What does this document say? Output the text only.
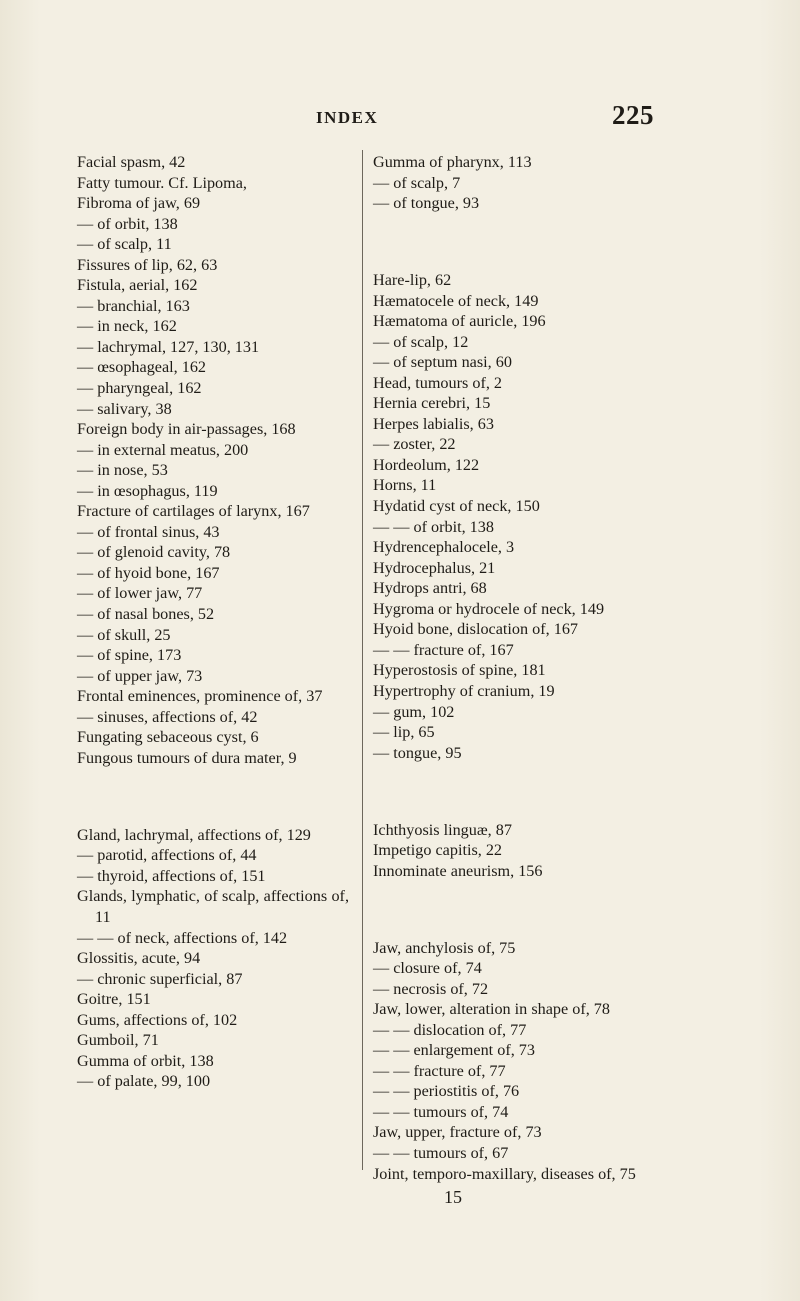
INDEX	225

Facial spasm, 42

Fatty tumour. Cf. Lipoma,

Fibroma of jaw, 69

— of orbit, 138

— of scalp, 11

Fissures of lip, 62, 63

Fistula, aerial, 162

— branchial, 163

— in neck, 162

— lachrymal, 127, 130, 131

— œsophageal, 162

— pharyngeal, 162

— salivary, 38

Foreign body in air-passages, 168

— in external meatus, 200

— in nose, 53

— in œsophagus, 119

Fracture of cartilages of larynx, 167

— of frontal sinus, 43

— of glenoid cavity, 78

— of hyoid bone, 167

— of lower jaw, 77

— of nasal bones, 52

— of skull, 25

— of spine, 173

— of upper jaw, 73

Frontal eminences, prominence of, 37

— sinuses, affections of, 42

Fungating sebaceous cyst, 6

Fungous tumours of dura mater, 9

Gland, lachrymal, affections of, 129

— parotid, affections of, 44

— thyroid, affections of, 151

Glands, lymphatic, of scalp, affections of, 11

— — of neck, affections of, 142

Glossitis, acute, 94

— chronic superficial, 87

Goitre, 151

Gums, affections of, 102

Gumboil, 71

Gumma of orbit, 138

— of palate, 99, 100

Gumma of pharynx, 113

— of scalp, 7

— of tongue, 93

Hare-lip, 62

Hæmatocele of neck, 149

Hæmatoma of auricle, 196

— of scalp, 12

— of septum nasi, 60

Head, tumours of, 2

Hernia cerebri, 15

Herpes labialis, 63

— zoster, 22

Hordeolum, 122

Horns, 11

Hydatid cyst of neck, 150

— — of orbit, 138

Hydrencephalocele, 3

Hydrocephalus, 21

Hydrops antri, 68

Hygroma or hydrocele of neck, 149

Hyoid bone, dislocation of, 167

— — fracture of, 167

Hyperostosis of spine, 181

Hypertrophy of cranium, 19

— gum, 102

— lip, 65

— tongue, 95

Ichthyosis linguæ, 87

Impetigo capitis, 22

Innominate aneurism, 156

Jaw, anchylosis of, 75

— closure of, 74

— necrosis of, 72

Jaw, lower, alteration in shape of, 78

— — dislocation of, 77

— — enlargement of, 73

— — fracture of, 77

— — periostitis of, 76

— — tumours of, 74

Jaw, upper, fracture of, 73

— — tumours of, 67

Joint, temporo-maxillary, diseases of, 75

15
